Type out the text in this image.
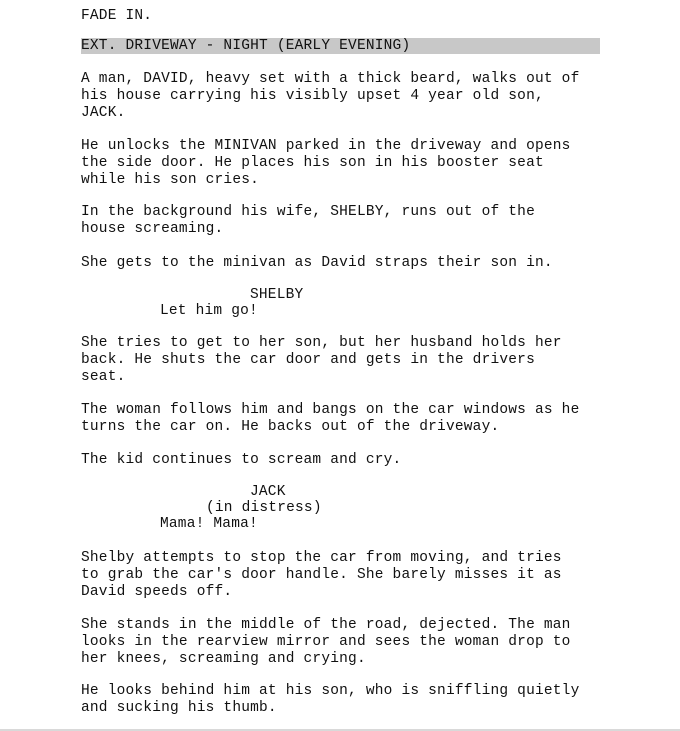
FADE IN.
EXT. DRIVEWAY - NIGHT (EARLY EVENING)
A man, DAVID, heavy set with a thick beard, walks out of
his house carrying his visibly upset 4 year old son,
JACK.
He unlocks the MINIVAN parked in the driveway and opens
the side door. He places his son in his booster seat
while his son cries.
In the background his wife, SHELBY, runs out of the
house screaming.
She gets to the minivan as David straps their son in.
SHELBY
Let him go!
She tries to get to her son, but her husband holds her
back. He shuts the car door and gets in the drivers
seat.
The woman follows him and bangs on the car windows as he
turns the car on. He backs out of the driveway.
The kid continues to scream and cry.
JACK
(in distress)
Mama! Mama!
Shelby attempts to stop the car from moving, and tries
to grab the car's door handle. She barely misses it as
David speeds off.
She stands in the middle of the road, dejected. The man
looks in the rearview mirror and sees the woman drop to
her knees, screaming and crying.
He looks behind him at his son, who is sniffling quietly
and sucking his thumb.
